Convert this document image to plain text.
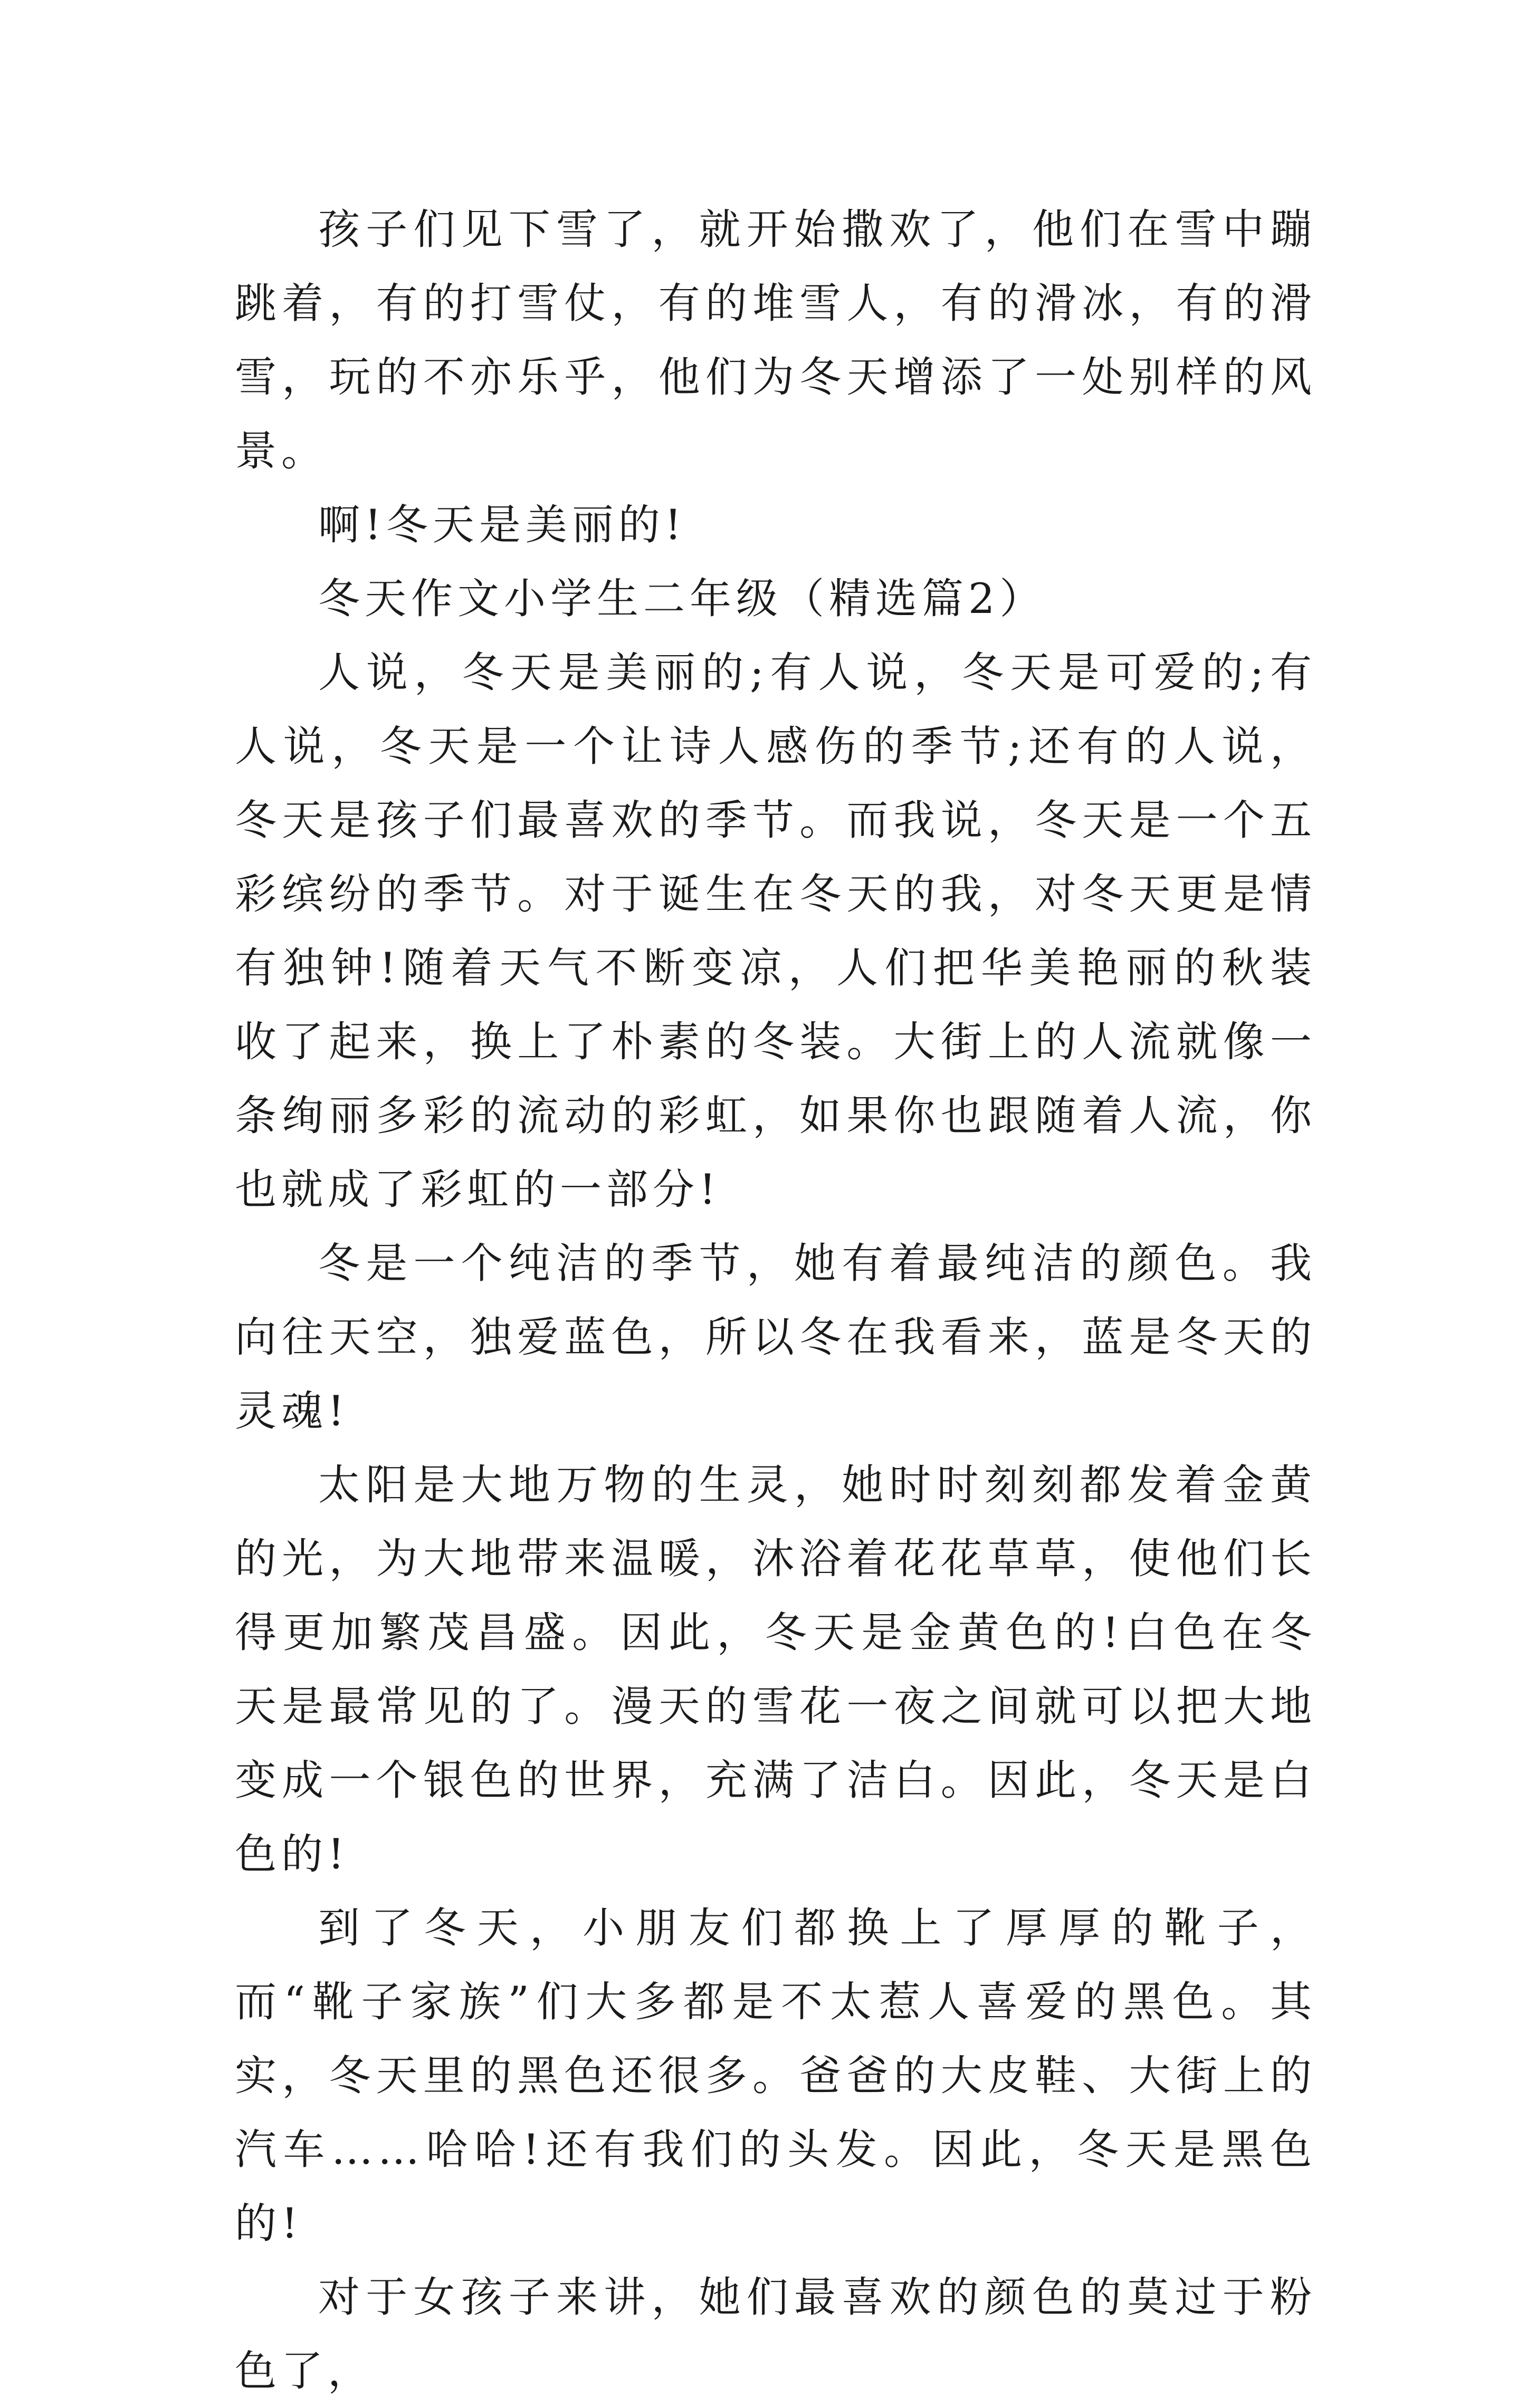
孩子们见下雪了，就开始撒欢了，他们在雪中蹦跳着，有的打雪仗，有的堆雪人，有的滑冰，有的滑雪，玩的不亦乐乎，他们为冬天增添了一处别样的风景。

啊!冬天是美丽的!

冬天作文小学生二年级（精选篇2）

人说，冬天是美丽的;有人说，冬天是可爱的;有人说，冬天是一个让诗人感伤的季节;还有的人说，冬天是孩子们最喜欢的季节。而我说，冬天是一个五彩缤纷的季节。对于诞生在冬天的我，对冬天更是情有独钟!随着天气不断变凉，人们把华美艳丽的秋装收了起来，换上了朴素的冬装。大街上的人流就像一条绚丽多彩的流动的彩虹，如果你也跟随着人流，你也就成了彩虹的一部分!

冬是一个纯洁的季节，她有着最纯洁的颜色。我向往天空，独爱蓝色，所以冬在我看来，蓝是冬天的灵魂!

太阳是大地万物的生灵，她时时刻刻都发着金黄的光，为大地带来温暖，沐浴着花花草草，使他们长得更加繁茂昌盛。因此，冬天是金黄色的!白色在冬天是最常见的了。漫天的雪花一夜之间就可以把大地变成一个银色的世界，充满了洁白。因此，冬天是白色的!

到了冬天，小朋友们都换上了厚厚的靴子，而“靴子家族”们大多都是不太惹人喜爱的黑色。其实，冬天里的黑色还很多。爸爸的大皮鞋、大街上的汽车……哈哈!还有我们的头发。因此，冬天是黑色的!

对于女孩子来讲，她们最喜欢的颜色的莫过于粉色了，
